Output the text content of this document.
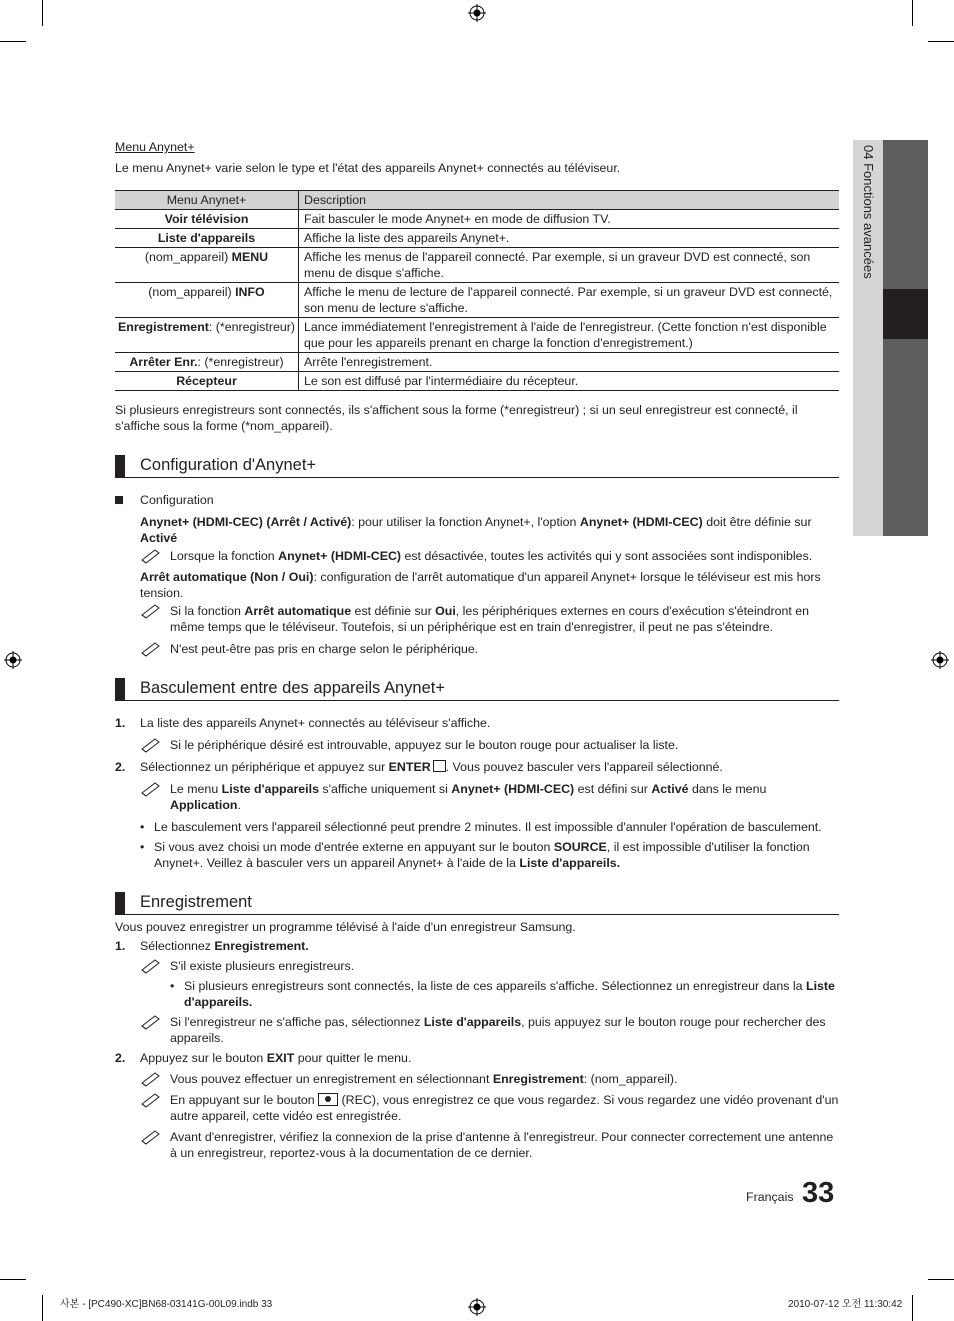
04 Fonctions avancées

Menu Anynet+

Le menu Anynet+ varie selon le type et l'état des appareils Anynet+ connectés au téléviseur.

Menu Anynet+	Description
Voir télévision	Fait basculer le mode Anynet+ en mode de diffusion TV.
Liste d'appareils	Affiche la liste des appareils Anynet+.
(nom_appareil) MENU	Affiche les menus de l'appareil connecté. Par exemple, si un graveur DVD est connecté, son menu de disque s'affiche.
(nom_appareil) INFO	Affiche le menu de lecture de l'appareil connecté. Par exemple, si un graveur DVD est connecté, son menu de lecture s'affiche.
Enregistrement: (*enregistreur)	Lance immédiatement l'enregistrement à l'aide de l'enregistreur. (Cette fonction n'est disponible que pour les appareils prenant en charge la fonction d'enregistrement.)
Arrêter Enr.: (*enregistreur)	Arrête l'enregistrement.
Récepteur	Le son est diffusé par l'intermédiaire du récepteur.

Si plusieurs enregistreurs sont connectés, ils s'affichent sous la forme (*enregistreur) ; si un seul enregistreur est connecté, il s'affiche sous la forme (*nom_appareil).

Configuration d'Anynet+
Configuration

Anynet+ (HDMI-CEC) (Arrêt / Activé): pour utiliser la fonction Anynet+, l'option Anynet+ (HDMI-CEC) doit être définie sur Activé

Lorsque la fonction Anynet+ (HDMI-CEC) est désactivée, toutes les activités qui y sont associées sont indisponibles.

Arrêt automatique (Non / Oui): configuration de l'arrêt automatique d'un appareil Anynet+ lorsque le téléviseur est mis hors tension.

Si la fonction Arrêt automatique est définie sur Oui, les périphériques externes en cours d'exécution s'éteindront en même temps que le téléviseur. Toutefois, si un périphérique est en train d'enregistrer, il peut ne pas s'éteindre.
N'est peut-être pas pris en charge selon le périphérique.
Basculement entre des appareils Anynet+
1. La liste des appareils Anynet+ connectés au téléviseur s'affiche.
Si le périphérique désiré est introuvable, appuyez sur le bouton rouge pour actualiser la liste.
2. Sélectionnez un périphérique et appuyez sur ENTER . Vous pouvez basculer vers l'appareil sélectionné.
Le menu Liste d'appareils s'affiche uniquement si Anynet+ (HDMI-CEC) est défini sur Activé dans le menu Application.
• Le basculement vers l'appareil sélectionné peut prendre 2 minutes. Il est impossible d'annuler l'opération de basculement.
• Si vous avez choisi un mode d'entrée externe en appuyant sur le bouton SOURCE, il est impossible d'utiliser la fonction Anynet+. Veillez à basculer vers un appareil Anynet+ à l'aide de la Liste d'appareils.
Enregistrement

Vous pouvez enregistrer un programme télévisé à l'aide d'un enregistreur Samsung.

1. Sélectionnez Enregistrement.
S'il existe plusieurs enregistreurs.
• Si plusieurs enregistreurs sont connectés, la liste de ces appareils s'affiche. Sélectionnez un enregistreur dans la Liste d'appareils.
Si l'enregistreur ne s'affiche pas, sélectionnez Liste d'appareils, puis appuyez sur le bouton rouge pour rechercher des appareils.
2. Appuyez sur le bouton EXIT pour quitter le menu.
Vous pouvez effectuer un enregistrement en sélectionnant Enregistrement: (nom_appareil).
En appuyant sur le bouton  (REC), vous enregistrez ce que vous regardez. Si vous regardez une vidéo provenant d'un autre appareil, cette vidéo est enregistrée.
Avant d'enregistrer, vérifiez la connexion de la prise d'antenne à l'enregistreur. Pour connecter correctement une antenne à un enregistreur, reportez-vous à la documentation de ce dernier.
Français 33
사본 - [PC490-XC]BN68-03141G-00L09.indb 33	2010-07-12 오전 11:30:42
